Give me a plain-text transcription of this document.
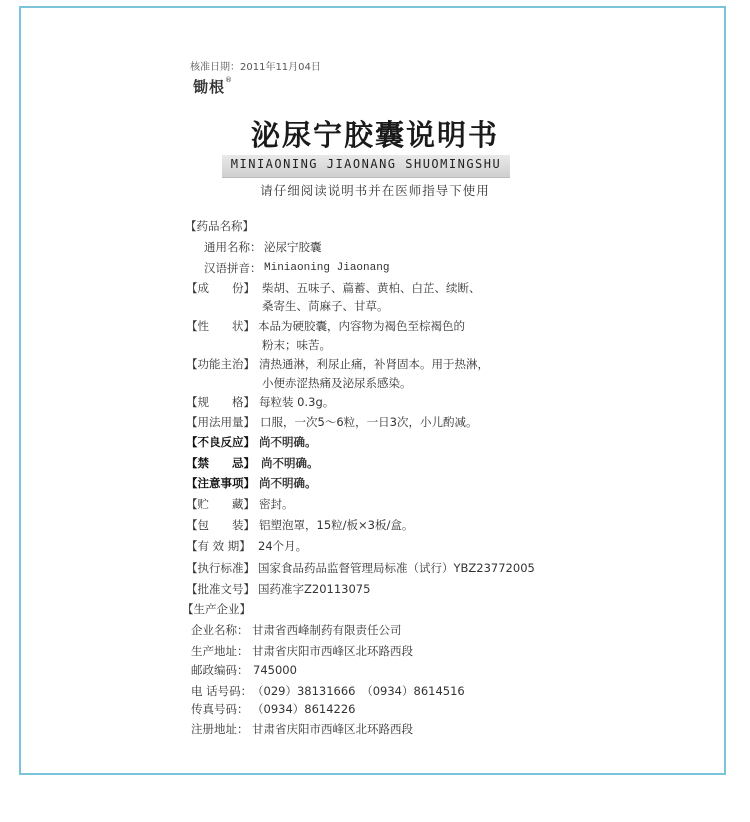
核准日期：2011年11月04日
锄根®
泌尿宁胶囊说明书
MINIAONING JIAONANG SHUOMINGSHU
请仔细阅读说明书并在医师指导下使用
【药品名称】
通用名称： 泌尿宁胶囊
汉语拼音： Miniaoning Jiaonang
【成　　份】 柴胡、五味子、萹蓄、黄柏、白芷、续断、
桑寄生、苘麻子、甘草。
【性　　状】 本品为硬胶囊，内容物为褐色至棕褐色的
粉末；味苦。
【功能主治】 清热通淋，利尿止痛，补肾固本。用于热淋，
小便赤涩热痛及泌尿系感染。
【规　　格】 每粒装 0.3g。
【用法用量】 口服，一次5～6粒，一日3次，小儿酌减。
【不良反应】 尚不明确。
【禁　　忌】 尚不明确。
【注意事项】 尚不明确。
【贮　　藏】 密封。
【包　　装】 铝塑泡罩，15粒/板×3板/盒。
【有 效 期】 24个月。
【执行标准】 国家食品药品监督管理局标准（试行）YBZ23772005
【批准文号】 国药准字Z20113075
【生产企业】
企业名称： 甘肃省西峰制药有限责任公司
生产地址： 甘肃省庆阳市西峰区北环路西段
邮政编码： 745000
电 话号码： （029）38131666　（0934）8614516
传真号码： （0934）8614226
注册地址： 甘肃省庆阳市西峰区北环路西段
